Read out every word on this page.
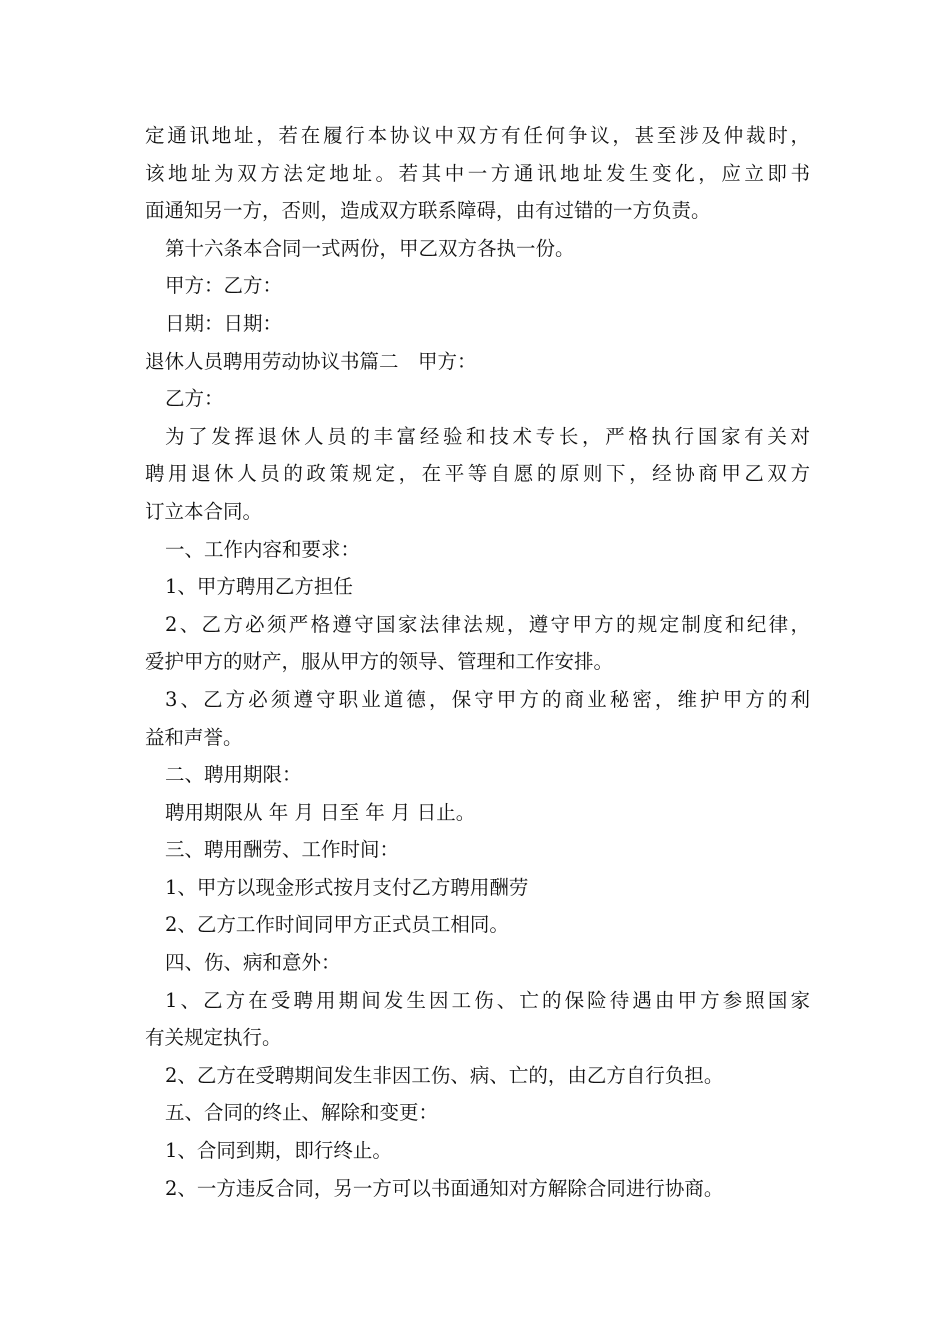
定通讯地址，若在履行本协议中双方有任何争议，甚至涉及仲裁时，
该地址为双方法定地址。若其中一方通讯地址发生变化，应立即书
面通知另一方，否则，造成双方联系障碍，由有过错的一方负责。
第十六条本合同一式两份，甲乙双方各执一份。
甲方：乙方：
日期：日期：
退休人员聘用劳动协议书篇二　甲方：
乙方：
为了发挥退休人员的丰富经验和技术专长，严格执行国家有关对
聘用退休人员的政策规定，在平等自愿的原则下，经协商甲乙双方
订立本合同。
一、工作内容和要求：
1、甲方聘用乙方担任
2、乙方必须严格遵守国家法律法规，遵守甲方的规定制度和纪律，
爱护甲方的财产，服从甲方的领导、管理和工作安排。
3、乙方必须遵守职业道德，保守甲方的商业秘密，维护甲方的利
益和声誉。
二、聘用期限：
聘用期限从 年 月 日至 年 月 日止。
三、聘用酬劳、工作时间：
1、甲方以现金形式按月支付乙方聘用酬劳
2、乙方工作时间同甲方正式员工相同。
四、伤、病和意外：
1、乙方在受聘用期间发生因工伤、亡的保险待遇由甲方参照国家
有关规定执行。
2、乙方在受聘期间发生非因工伤、病、亡的，由乙方自行负担。
五、合同的终止、解除和变更：
1、合同到期，即行终止。
2、一方违反合同，另一方可以书面通知对方解除合同进行协商。
